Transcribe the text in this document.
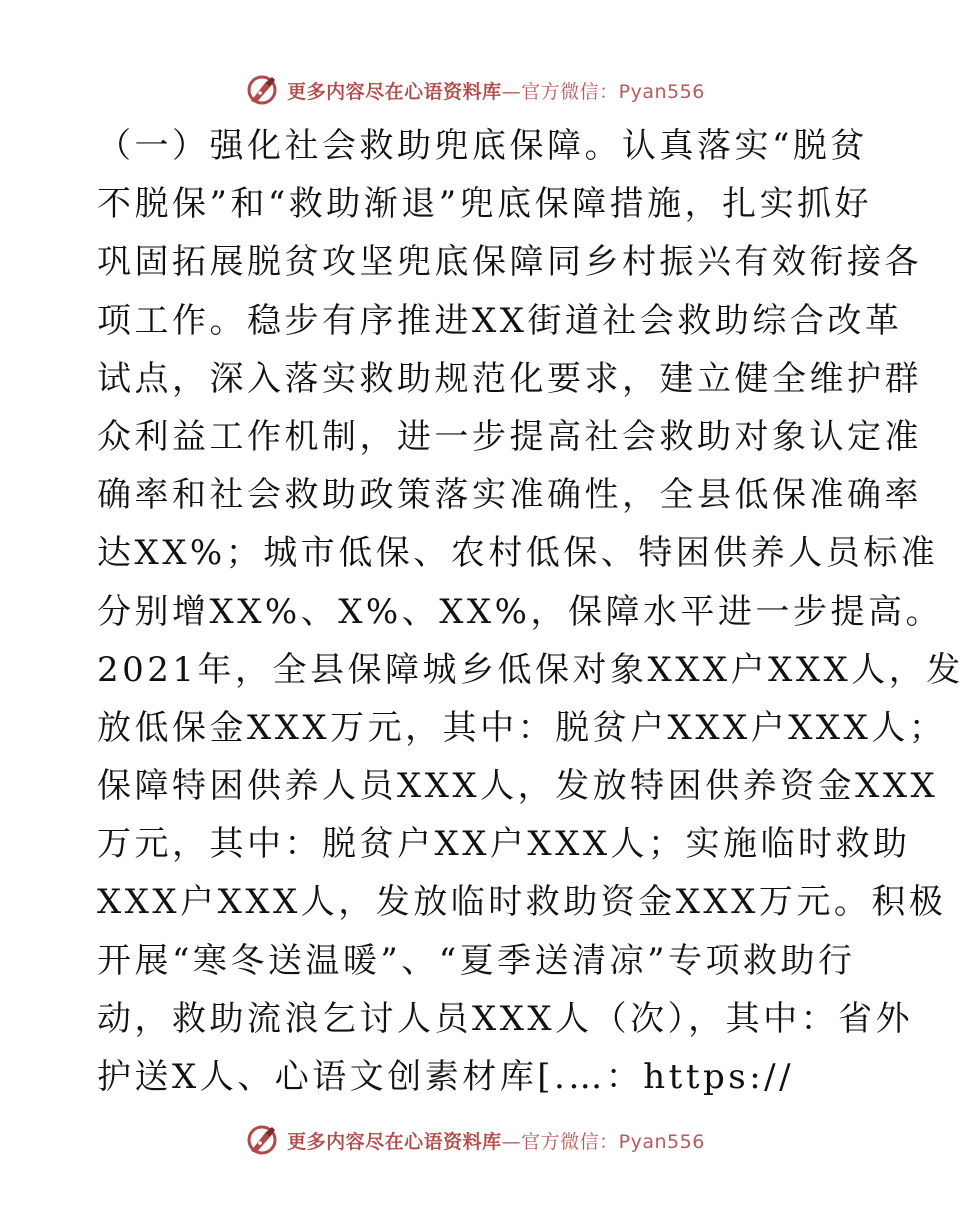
更多内容尽在心语资料库—官方微信：Pyan556
（一）强化社会救助兜底保障。认真落实“脱贫
不脱保”和“救助渐退”兜底保障措施，扎实抓好
巩固拓展脱贫攻坚兜底保障同乡村振兴有效衔接各
项工作。稳步有序推进XX街道社会救助综合改革
试点，深入落实救助规范化要求，建立健全维护群
众利益工作机制，进一步提高社会救助对象认定准
确率和社会救助政策落实准确性，全县低保准确率
达XX%；城市低保、农村低保、特困供养人员标准
分别增XX%、X%、XX%，保障水平进一步提高。
2021年，全县保障城乡低保对象XXX户XXX人，发
放低保金XXX万元，其中：脱贫户XXX户XXX人；
保障特困供养人员XXX人，发放特困供养资金XXX
万元，其中：脱贫户XX户XXX人；实施临时救助
XXX户XXX人，发放临时救助资金XXX万元。积极
开展“寒冬送温暖”、“夏季送清凉”专项救助行
动，救助流浪乞讨人员XXX人（次），其中：省外
护送X人、心语文创素材库[.…：https://
更多内容尽在心语资料库—官方微信：Pyan556
